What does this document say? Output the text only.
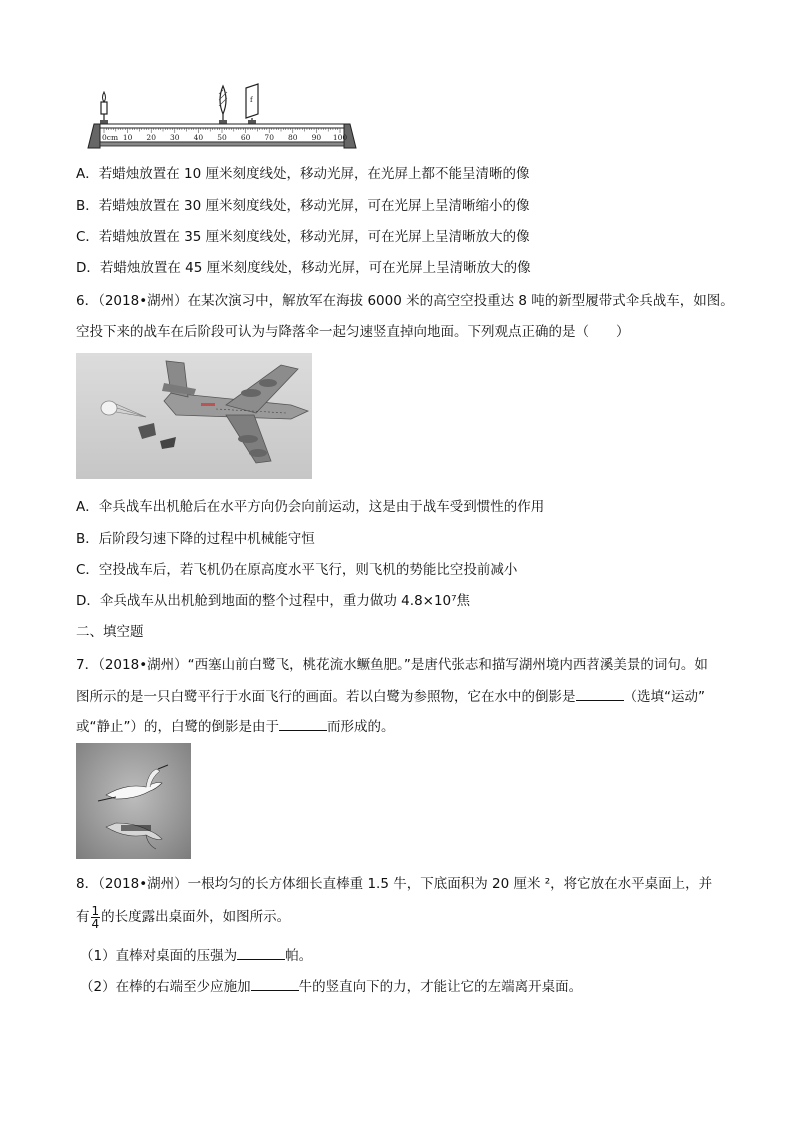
f
0cm 10 20 30 40 50 60 70 80 90 100
A．若蜡烛放置在 10 厘米刻度线处，移动光屏，在光屏上都不能呈清晰的像
B．若蜡烛放置在 30 厘米刻度线处，移动光屏，可在光屏上呈清晰缩小的像
C．若蜡烛放置在 35 厘米刻度线处，移动光屏，可在光屏上呈清晰放大的像
D．若蜡烛放置在 45 厘米刻度线处，移动光屏，可在光屏上呈清晰放大的像
6．（2018•湖州）在某次演习中，解放军在海拔 6000 米的高空空投重达 8 吨的新型履带式伞兵战车，如图。
空投下来的战车在后阶段可认为与降落伞一起匀速竖直掉向地面。下列观点正确的是（　　）
A．伞兵战车出机舱后在水平方向仍会向前运动，这是由于战车受到惯性的作用
B．后阶段匀速下降的过程中机械能守恒
C．空投战车后，若飞机仍在原高度水平飞行，则飞机的势能比空投前减小
D．伞兵战车从出机舱到地面的整个过程中，重力做功 4.8×10⁷焦
二、填空题
7．（2018•湖州）“西塞山前白鹭飞，桃花流水鳜鱼肥。”是唐代张志和描写湖州境内西苕溪美景的词句。如
图所示的是一只白鹭平行于水面飞行的画面。若以白鹭为参照物，它在水中的倒影是	（选填“运动”
或“静止”）的，白鹭的倒影是由于	而形成的。
8．（2018•湖州）一根均匀的长方体细长直棒重 1.5 牛，下底面积为 20 厘米 ²，将它放在水平桌面上，并
有 $\frac{1}{4}$ 的长度露出桌面外，如图所示。
（1）直棒对桌面的压强为	帕。
（2）在棒的右端至少应施加	牛的竖直向下的力，才能让它的左端离开桌面。
